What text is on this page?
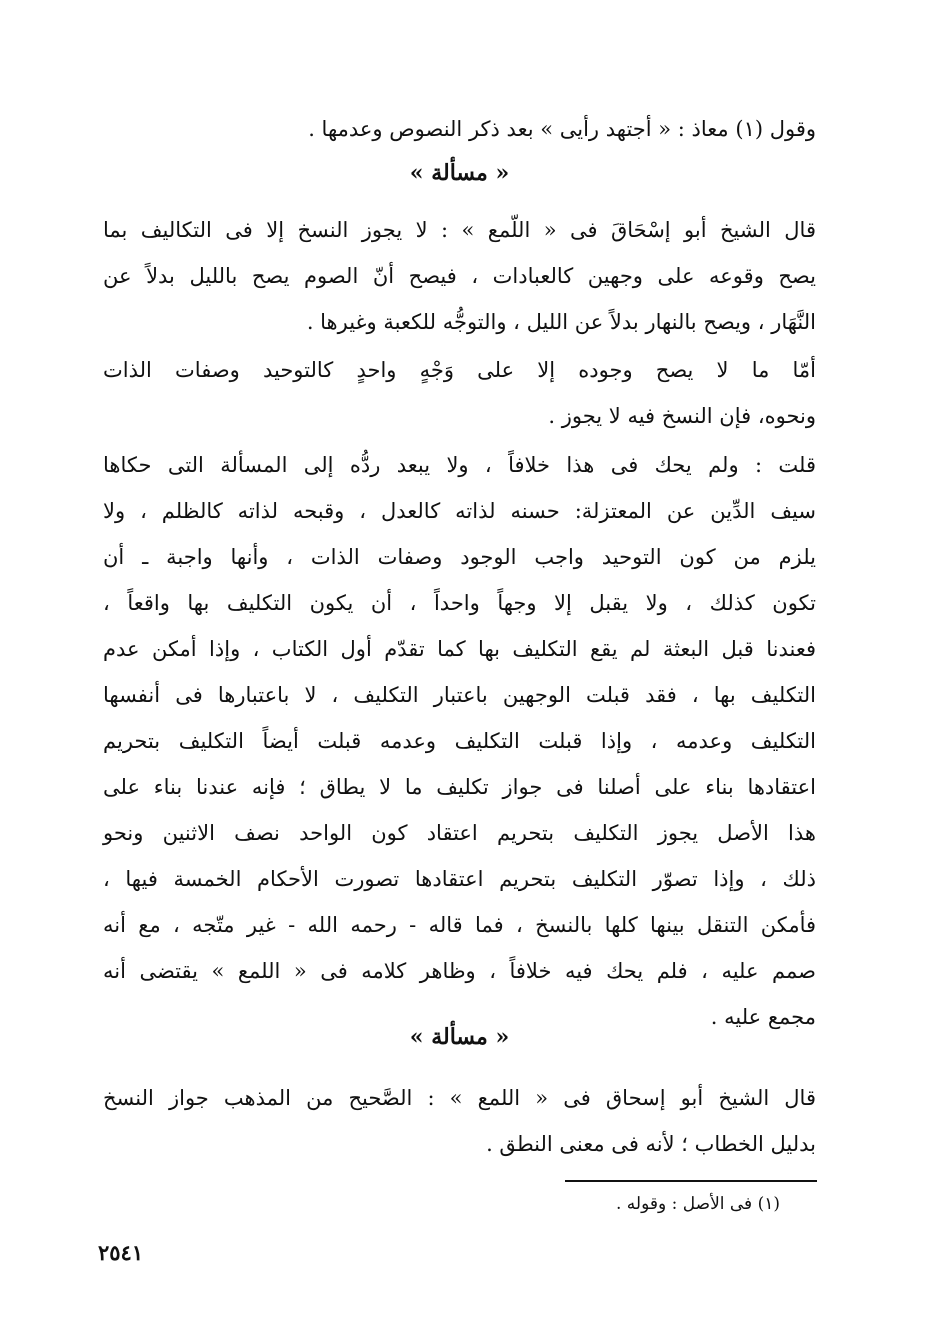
وقول (١) معاذ : « أجتهد رأيى » بعد ذكر النصوص وعدمها .
« مسألة »
قال الشيخ أبو إسْحَاقَ فى « اللّمع » : لا يجوز النسخ إلا فى التكاليف بما
يصح وقوعه على وجهين كالعبادات ، فيصح أنّ الصوم يصح بالليل بدلاً عن
النَّهَار ، ويصح بالنهار بدلاً عن الليل ، والتوجُّه للكعبة وغيرها .
أمّا ما لا يصح وجوده إلا على وَجْهٍ واحدٍ كالتوحيد وصفات الذات
ونحوه، فإن النسخ فيه لا يجوز .
قلت : ولم يحك فى هذا خلافاً ، ولا يبعد ردُّه إلى المسألة التى حكاها
سيف الدِّين عن المعتزلة: حسنه لذاته كالعدل ، وقبحه لذاته كالظلم ، ولا
يلزم من كون التوحيد واجب الوجود وصفات الذات ، وأنها واجبة ـ أن
تكون كذلك ، ولا يقبل إلا وجهاً واحداً ، أن يكون التكليف بها واقعاً ،
فعندنا قبل البعثة لم يقع التكليف بها كما تقدّم أول الكتاب ، وإذا أمكن عدم
التكليف بها ، فقد قبلت الوجهين باعتبار التكليف ، لا باعتبارها فى أنفسها
التكليف وعدمه ، وإذا قبلت التكليف وعدمه قبلت أيضاً التكليف بتحريم
اعتقادها بناء على أصلنا فى جواز تكليف ما لا يطاق ؛ فإنه عندنا بناء على
هذا الأصل يجوز التكليف بتحريم اعتقاد كون الواحد نصف الاثنين ونحو
ذلك ، وإذا تصوّر التكليف بتحريم اعتقادها تصورت الأحكام الخمسة فيها ،
فأمكن التنقل بينها كلها بالنسخ ، فما قاله - رحمه الله - غير متّجه ، مع أنه
صمم عليه ، فلم يحك فيه خلافاً ، وظاهر كلامه فى « اللمع » يقتضى أنه
مجمع عليه .
« مسألة »
قال الشيخ أبو إسحاق فى « اللمع » : الصَّحيح من المذهب جواز النسخ
بدليل الخطاب ؛ لأنه فى معنى النطق .
(١) فى الأصل : وقوله .
٢٥٤١
